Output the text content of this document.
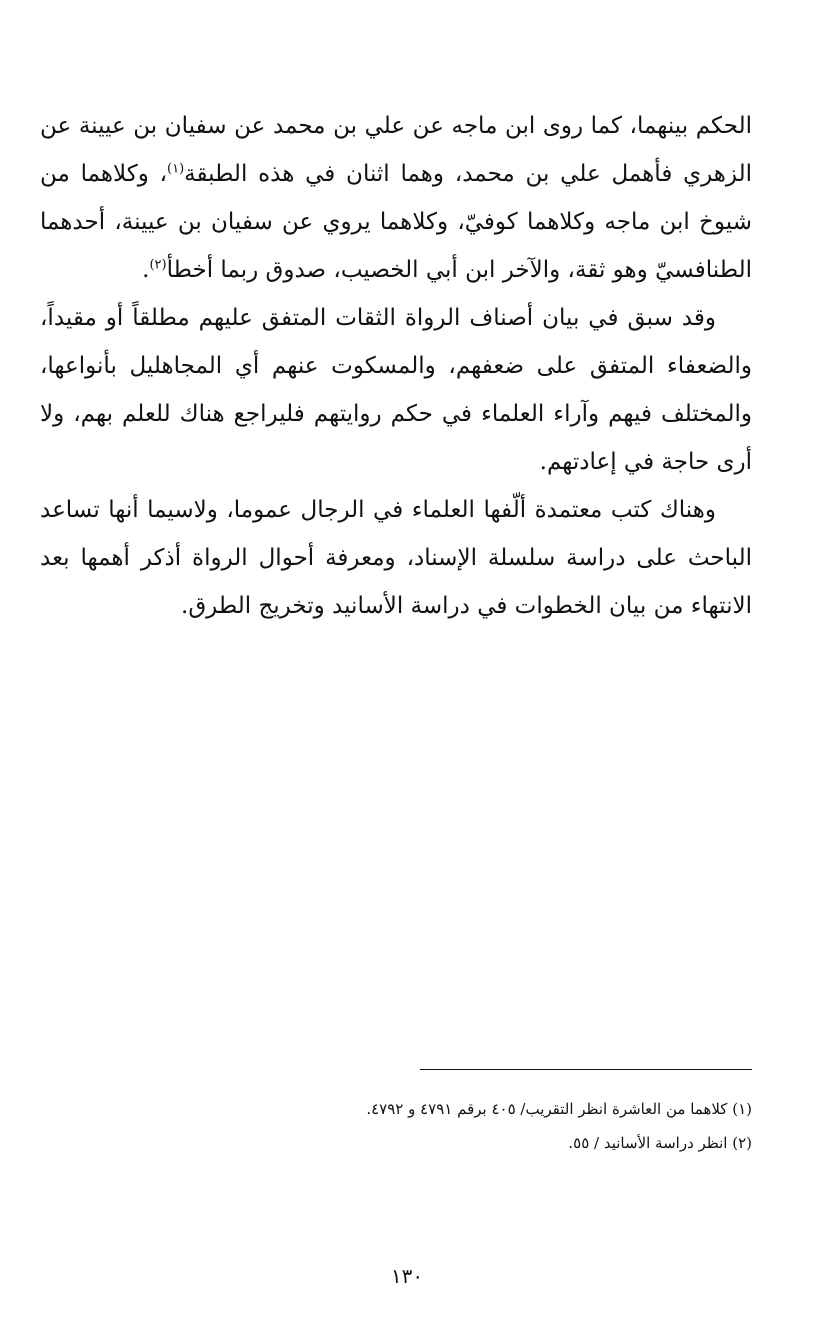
الحكم بينهما، كما روى ابن ماجه عن علي بن محمد عن سفيان بن عيينة عن الزهري فأهمل علي بن محمد، وهما اثنان في هذه الطبقة$^{(١)}$، وكلاهما من شيوخ ابن ماجه وكلاهما كوفيّ، وكلاهما يروي عن سفيان بن عيينة، أحدهما الطنافسيّ وهو ثقة، والآخر ابن أبي الخصيب، صدوق ربما أخطأ$^{(٢)}$.

وقد سبق في بيان أصناف الرواة الثقات المتفق عليهم مطلقاً أو مقيداً، والضعفاء المتفق على ضعفهم، والمسكوت عنهم أي المجاهليل بأنواعها، والمختلف فيهم وآراء العلماء في حكم روايتهم فليراجع هناك للعلم بهم، ولا أرى حاجة في إعادتهم.

وهناك كتب معتمدة ألّفها العلماء في الرجال عموما، ولاسيما أنها تساعد الباحث على دراسة سلسلة الإسناد، ومعرفة أحوال الرواة أذكر أهمها بعد الانتهاء من بيان الخطوات في دراسة الأسانيد وتخريج الطرق.

(١) كلاهما من العاشرة انظر التقريب/ ٤٠٥ برقم ٤٧٩١ و ٤٧٩٢.

(٢) انظر دراسة الأسانيد / ٥٥.

١٣٠
